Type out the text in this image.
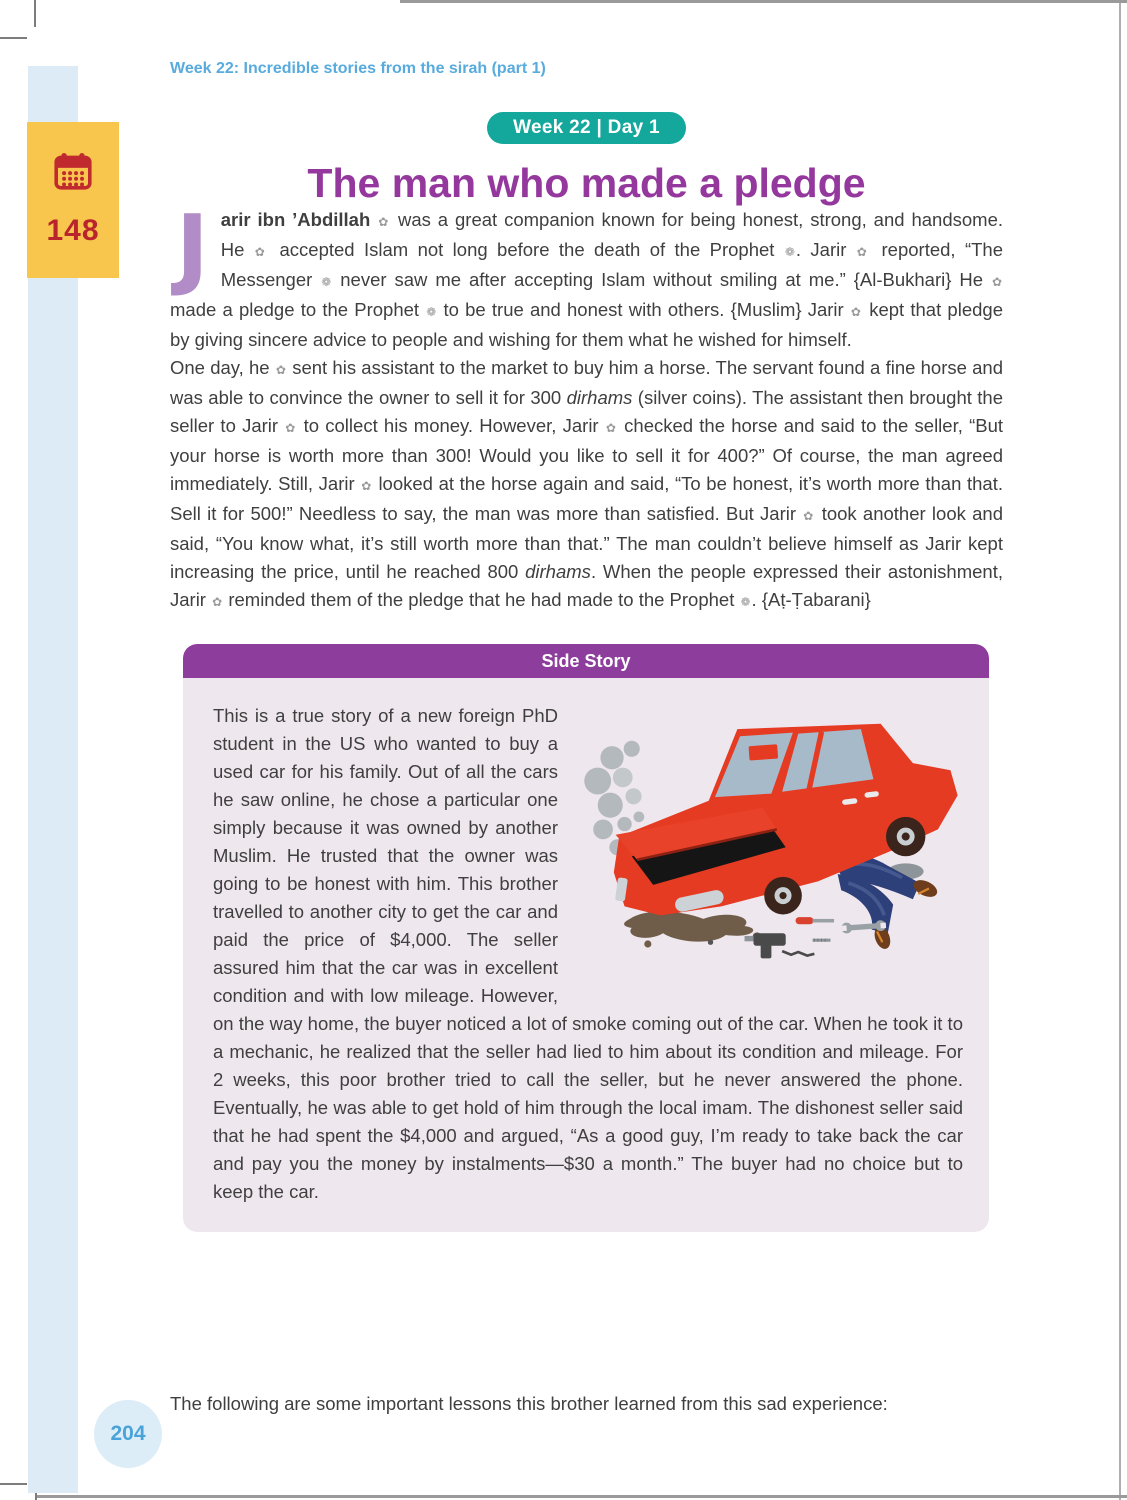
148
Week 22: Incredible stories from the sirah (part 1)
Week 22 | Day 1
The man who made a pledge

Jarir ibn ’Abdillah ✿ was a great companion known for being honest, strong, and handsome. He ✿ accepted Islam not long before the death of the Prophet ❁. Jarir ✿ reported, “The Messenger ❁ never saw me after accepting Islam without smiling at me.” {Al-Bukhari} He ✿ made a pledge to the Prophet ❁ to be true and honest with others. {Muslim} Jarir ✿ kept that pledge by giving sincere advice to people and wishing for them what he wished for himself.

One day, he ✿ sent his assistant to the market to buy him a horse. The servant found a fine horse and was able to convince the owner to sell it for 300 dirhams (silver coins). The assistant then brought the seller to Jarir ✿ to collect his money. However, Jarir ✿ checked the horse and said to the seller, “But your horse is worth more than 300! Would you like to sell it for 400?” Of course, the man agreed immediately. Still, Jarir ✿ looked at the horse again and said, “To be honest, it’s worth more than that. Sell it for 500!” Needless to say, the man was more than satisfied. But Jarir ✿ took another look and said, “You know what, it’s still worth more than that.” The man couldn’t believe himself as Jarir kept increasing the price, until he reached 800 dirhams. When the people expressed their astonishment, Jarir ✿ reminded them of the pledge that he had made to the Prophet ❁. {Aṭ-Ṭabarani}

Side Story

This is a true story of a new foreign PhD student in the US who wanted to buy a used car for his family. Out of all the cars he saw online, he chose a particular one simply because it was owned by another Muslim. He trusted that the owner was going to be honest with him. This brother travelled to another city to get the car and paid the price of $4,000. The seller assured him that the car was in excellent condition and with low mileage. However, on the way home, the buyer noticed a lot of smoke coming out of the car. When he took it to a mechanic, he realized that the seller had lied to him about its condition and mileage. For 2 weeks, this poor brother tried to call the seller, but he never answered the phone. Eventually, he was able to get hold of him through the local imam. The dishonest seller said that he had spent the $4,000 and argued, “As a good guy, I’m ready to take back the car and pay you the money by instalments—$30 a month.” The buyer had no choice but to keep the car.

The following are some important lessons this brother learned from this sad experience:
204
